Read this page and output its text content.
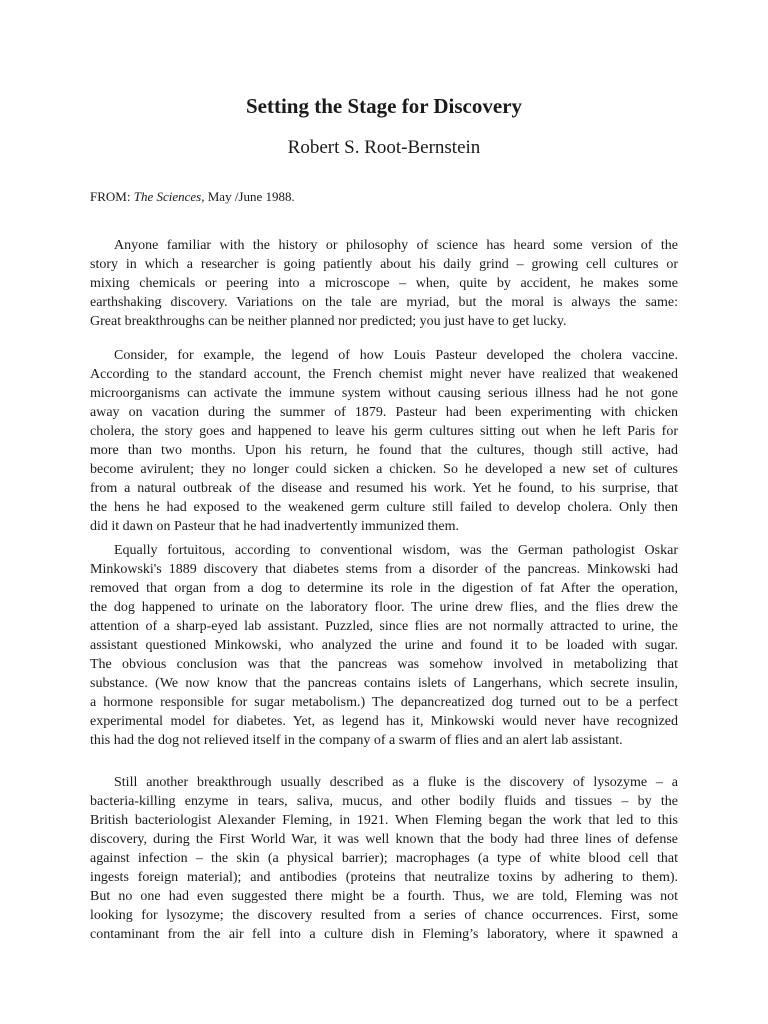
Setting the Stage for Discovery
Robert S. Root-Bernstein
FROM: The Sciences, May /June 1988.

Anyone familiar with the history or philosophy of science has heard some version of the
story in which a researcher is going patiently about his daily grind – growing cell cultures or
mixing chemicals or peering into a microscope – when, quite by accident, he makes some
earthshaking discovery. Variations on the tale are myriad, but the moral is always the same:
Great breakthroughs can be neither planned nor predicted; you just have to get lucky.

Consider, for example, the legend of how Louis Pasteur developed the cholera vaccine.
According to the standard account, the French chemist might never have realized that weakened
microorganisms can activate the immune system without causing serious illness had he not gone
away on vacation during the summer of 1879. Pasteur had been experimenting with chicken
cholera, the story goes and happened to leave his germ cultures sitting out when he left Paris for
more than two months. Upon his return, he found that the cultures, though still active, had
become avirulent; they no longer could sicken a chicken. So he developed a new set of cultures
from a natural outbreak of the disease and resumed his work. Yet he found, to his surprise, that
the hens he had exposed to the weakened germ culture still failed to develop cholera. Only then
did it dawn on Pasteur that he had inadvertently immunized them.

Equally fortuitous, according to conventional wisdom, was the German pathologist Oskar
Minkowski's 1889 discovery that diabetes stems from a disorder of the pancreas. Minkowski had
removed that organ from a dog to determine its role in the digestion of fat After the operation,
the dog happened to urinate on the laboratory floor. The urine drew flies, and the flies drew the
attention of a sharp-eyed lab assistant. Puzzled, since flies are not normally attracted to urine, the
assistant questioned Minkowski, who analyzed the urine and found it to be loaded with sugar.
The obvious conclusion was that the pancreas was somehow involved in metabolizing that
substance. (We now know that the pancreas contains islets of Langerhans, which secrete insulin,
a hormone responsible for sugar metabolism.) The depancreatized dog turned out to be a perfect
experimental model for diabetes. Yet, as legend has it, Minkowski would never have recognized
this had the dog not relieved itself in the company of a swarm of flies and an alert lab assistant.

Still another breakthrough usually described as a fluke is the discovery of lysozyme – a
bacteria-killing enzyme in tears, saliva, mucus, and other bodily fluids and tissues – by the
British bacteriologist Alexander Fleming, in 1921. When Fleming began the work that led to this
discovery, during the First World War, it was well known that the body had three lines of defense
against infection – the skin (a physical barrier); macrophages (a type of white blood cell that
ingests foreign material); and antibodies (proteins that neutralize toxins by adhering to them).
But no one had even suggested there might be a fourth. Thus, we are told, Fleming was not
looking for lysozyme; the discovery resulted from a series of chance occurrences. First, some
contaminant from the air fell into a culture dish in Fleming’s laboratory, where it spawned a
